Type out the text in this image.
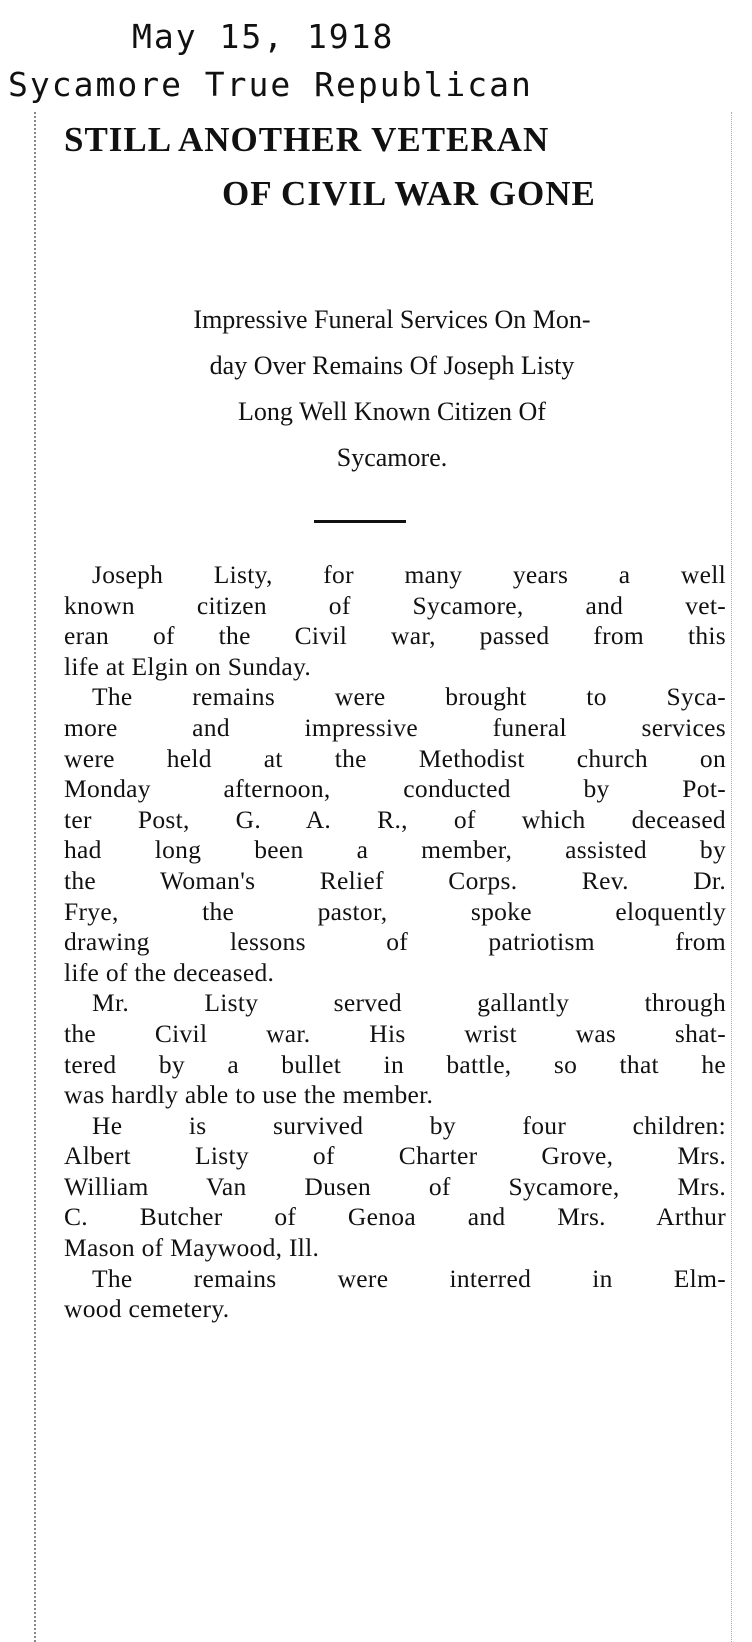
May 15, 1918
Sycamore True Republican
STILL ANOTHER VETERAN
OF CIVIL WAR GONE
Impressive Funeral Services On Mon-
day Over Remains Of Joseph Listy
Long Well Known Citizen Of
Sycamore.

Joseph Listy, for many years a well
known citizen of Sycamore, and vet-
eran of the Civil war, passed from this
life at Elgin on Sunday.

The remains were brought to Syca-
more and impressive funeral services
were held at the Methodist church on
Monday afternoon, conducted by Pot-
ter Post, G. A. R., of which deceased
had long been a member, assisted by
the Woman's Relief Corps. Rev. Dr.
Frye, the pastor, spoke eloquently
drawing lessons of patriotism from
life of the deceased.

Mr. Listy served gallantly through
the Civil war. His wrist was shat-
tered by a bullet in battle, so that he
was hardly able to use the member.

He is survived by four children:
Albert Listy of Charter Grove, Mrs.
William Van Dusen of Sycamore, Mrs.
C. Butcher of Genoa and Mrs. Arthur
Mason of Maywood, Ill.

The remains were interred in Elm-
wood cemetery.
